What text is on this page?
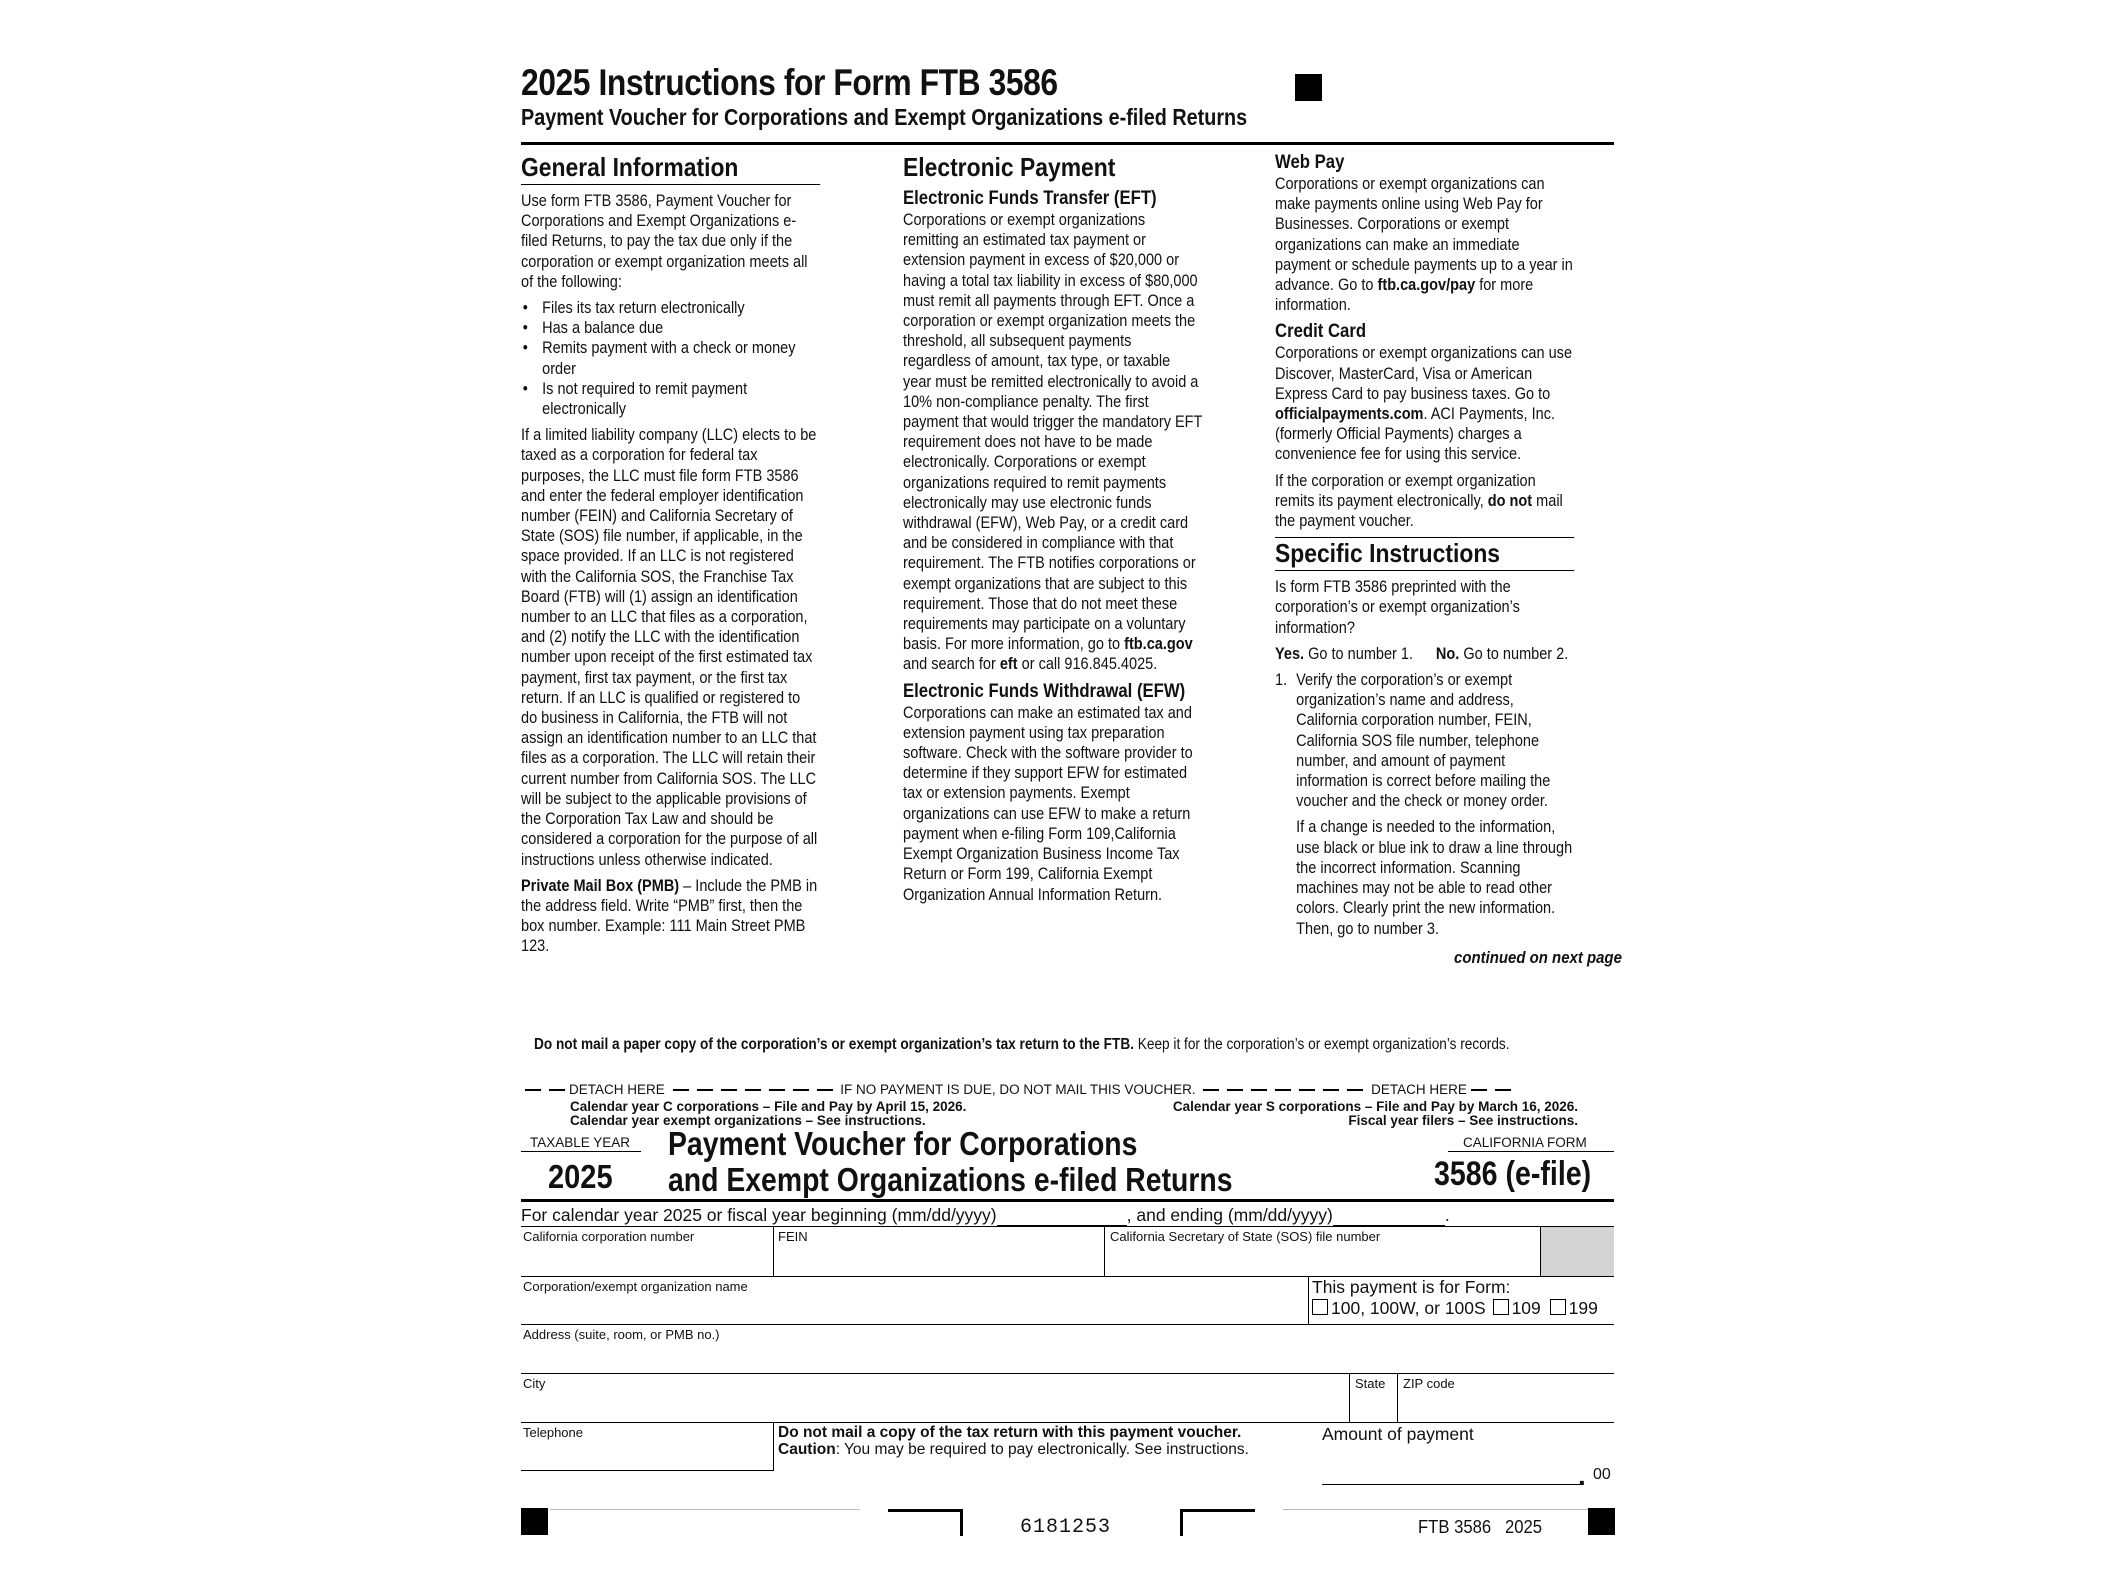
2025 Instructions for Form FTB 3586
Payment Voucher for Corporations and Exempt Organizations e-filed Returns
General Information

Use form FTB 3586, Payment Voucher for Corporations and Exempt Organizations e-filed Returns, to pay the tax due only if the corporation or exempt organization meets all of the following:

• Files its tax return electronically
• Has a balance due
• Remits payment with a check or money order
• Is not required to remit payment electronically

If a limited liability company (LLC) elects to be taxed as a corporation for federal tax purposes, the LLC must file form FTB 3586 and enter the federal employer identification number (FEIN) and California Secretary of State (SOS) file number, if applicable, in the space provided. If an LLC is not registered with the California SOS, the Franchise Tax Board (FTB) will (1) assign an identification number to an LLC that files as a corporation, and (2) notify the LLC with the identification number upon receipt of the first estimated tax payment, first tax payment, or the first tax return. If an LLC is qualified or registered to do business in California, the FTB will not assign an identification number to an LLC that files as a corporation. The LLC will retain their current number from California SOS. The LLC will be subject to the applicable provisions of the Corporation Tax Law and should be considered a corporation for the purpose of all instructions unless otherwise indicated.

Private Mail Box (PMB) – Include the PMB in the address field. Write “PMB” first, then the box number. Example: 111 Main Street PMB 123.

Electronic Payment
Electronic Funds Transfer (EFT)

Corporations or exempt organizations remitting an estimated tax payment or extension payment in excess of $20,000 or having a total tax liability in excess of $80,000 must remit all payments through EFT. Once a corporation or exempt organization meets the threshold, all subsequent payments regardless of amount, tax type, or taxable year must be remitted electronically to avoid a 10% non-compliance penalty. The first payment that would trigger the mandatory EFT requirement does not have to be made electronically. Corporations or exempt organizations required to remit payments electronically may use electronic funds withdrawal (EFW), Web Pay, or a credit card and be considered in compliance with that requirement. The FTB notifies corporations or exempt organizations that are subject to this requirement. Those that do not meet these requirements may participate on a voluntary basis. For more information, go to ftb.ca.gov and search for eft or call 916.845.4025.

Electronic Funds Withdrawal (EFW)

Corporations can make an estimated tax and extension payment using tax preparation software. Check with the software provider to determine if they support EFW for estimated tax or extension payments. Exempt organizations can use EFW to make a return payment when e-filing Form 109,California Exempt Organization Business Income Tax Return or Form 199, California Exempt Organization Annual Information Return.

Web Pay

Corporations or exempt organizations can make payments online using Web Pay for Businesses. Corporations or exempt organizations can make an immediate payment or schedule payments up to a year in advance. Go to ftb.ca.gov/pay for more information.

Credit Card

Corporations or exempt organizations can use Discover, MasterCard, Visa or American Express Card to pay business taxes. Go to officialpayments.com. ACI Payments, Inc. (formerly Official Payments) charges a convenience fee for using this service.

If the corporation or exempt organization remits its payment electronically, do not mail the payment voucher.

Specific Instructions

Is form FTB 3586 preprinted with the corporation’s or exempt organization’s information?

Yes. Go to number 1. No. Go to number 2.

1. Verify the corporation’s or exempt organization’s name and address, California corporation number, FEIN, California SOS file number, telephone number, and amount of payment information is correct before mailing the voucher and the check or money order.

If a change is needed to the information, use black or blue ink to draw a line through the incorrect information. Scanning machines may not be able to read other colors. Clearly print the new information. Then, go to number 3.

continued on next page
Do not mail a paper copy of the corporation’s or exempt organization’s tax return to the FTB. Keep it for the corporation’s or exempt organization’s records.
DETACH HERE	IF NO PAYMENT IS DUE, DO NOT MAIL THIS VOUCHER.	DETACH HERE
Calendar year C corporations – File and Pay by April 15, 2026.
Calendar year exempt organizations – See instructions.
Calendar year S corporations – File and Pay by March 16, 2026.
Fiscal year filers – See instructions.
TAXABLE YEAR
2025
Payment Voucher for Corporations
and Exempt Organizations e-filed Returns
CALIFORNIA FORM
3586 (e-file)
For calendar year 2025 or fiscal year beginning (mm/dd/yyyy)	, and ending (mm/dd/yyyy)	.
California corporation number	FEIN	California Secretary of State (SOS) file number
Corporation/exempt organization name	This payment is for Form:
100, 100W, or 100S 109 199
Address (suite, room, or PMB no.)
City	State ZIP code
Telephone	Do not mail a copy of the tax return with this payment voucher.
Caution: You may be required to pay electronically. See instructions.
Amount of payment
. 00
6181253	FTB 3586   2025
